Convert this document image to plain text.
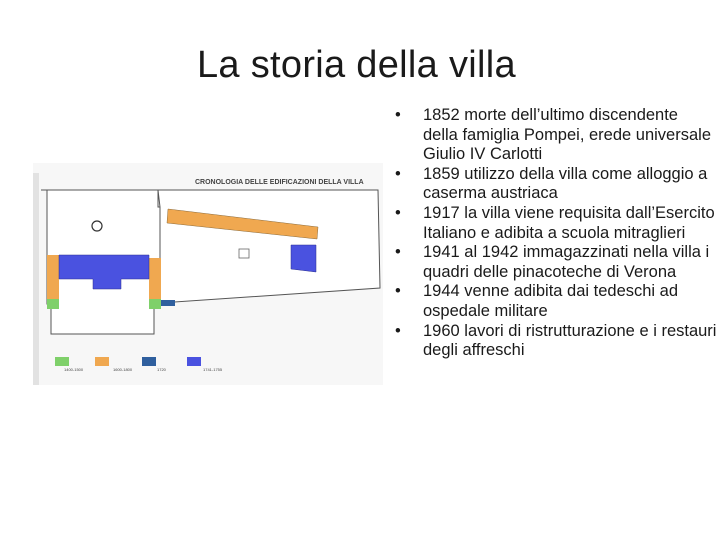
La storia della villa
CRONOLOGIA DELLE EDIFICAZIONI DELLA VILLA
1400-1500	1600-1800	1720	1741-1755
• 1852 morte dell’ultimo discendente della famiglia Pompei, erede universale Giulio IV Carlotti
• 1859 utilizzo della villa come alloggio a caserma austriaca
• 1917 la villa viene requisita dall’Esercito Italiano e adibita a scuola mitraglieri
• 1941 al 1942 immagazzinati nella villa i quadri delle pinacoteche di Verona
• 1944 venne adibita dai tedeschi ad ospedale militare
• 1960 lavori di ristrutturazione e i restauri degli affreschi
